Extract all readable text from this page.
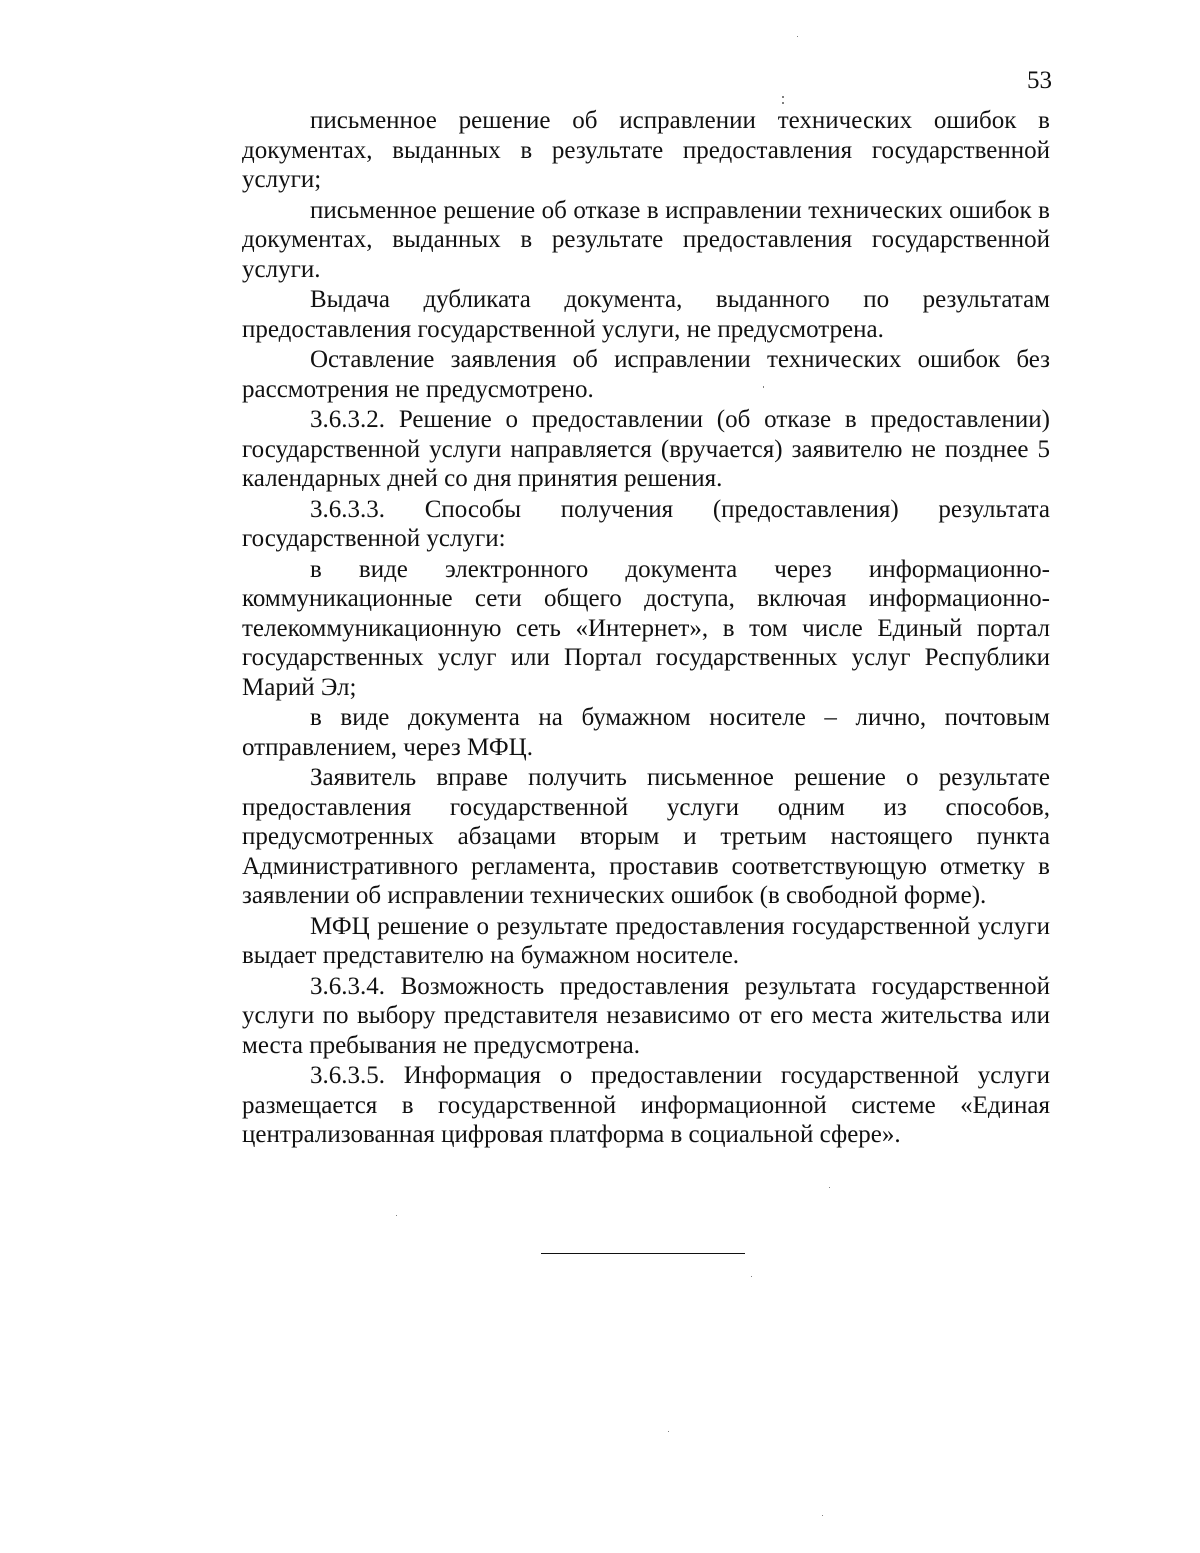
53

письменное решение об исправлении технических ошибок в документах, выданных в результате предоставления государственной услуги;

письменное решение об отказе в исправлении технических ошибок в документах, выданных в результате предоставления государственной услуги.

Выдача дубликата документа, выданного по результатам предоставления государственной услуги, не предусмотрена.

Оставление заявления об исправлении технических ошибок без рассмотрения не предусмотрено.

3.6.3.2. Решение о предоставлении (об отказе в предоставлении) государственной услуги направляется (вручается) заявителю не позднее 5 календарных дней со дня принятия решения.

3.6.3.3. Способы получения (предоставления) результата государственной услуги:

в виде электронного документа через информационно-коммуникационные сети общего доступа, включая информационно-телекоммуникационную сеть «Интернет», в том числе Единый портал государственных услуг или Портал государственных услуг Республики Марий Эл;

в виде документа на бумажном носителе – лично, почтовым отправлением, через МФЦ.

Заявитель вправе получить письменное решение о результате предоставления государственной услуги одним из способов, предусмотренных абзацами вторым и третьим настоящего пункта Административного регламента, проставив соответствующую отметку в заявлении об исправлении технических ошибок (в свободной форме).

МФЦ решение о результате предоставления государственной услуги выдает представителю на бумажном носителе.

3.6.3.4. Возможность предоставления результата государственной услуги по выбору представителя независимо от его места жительства или места пребывания не предусмотрена.

3.6.3.5. Информация о предоставлении государственной услуги размещается в государственной информационной системе «Единая централизованная цифровая платформа в социальной сфере».
